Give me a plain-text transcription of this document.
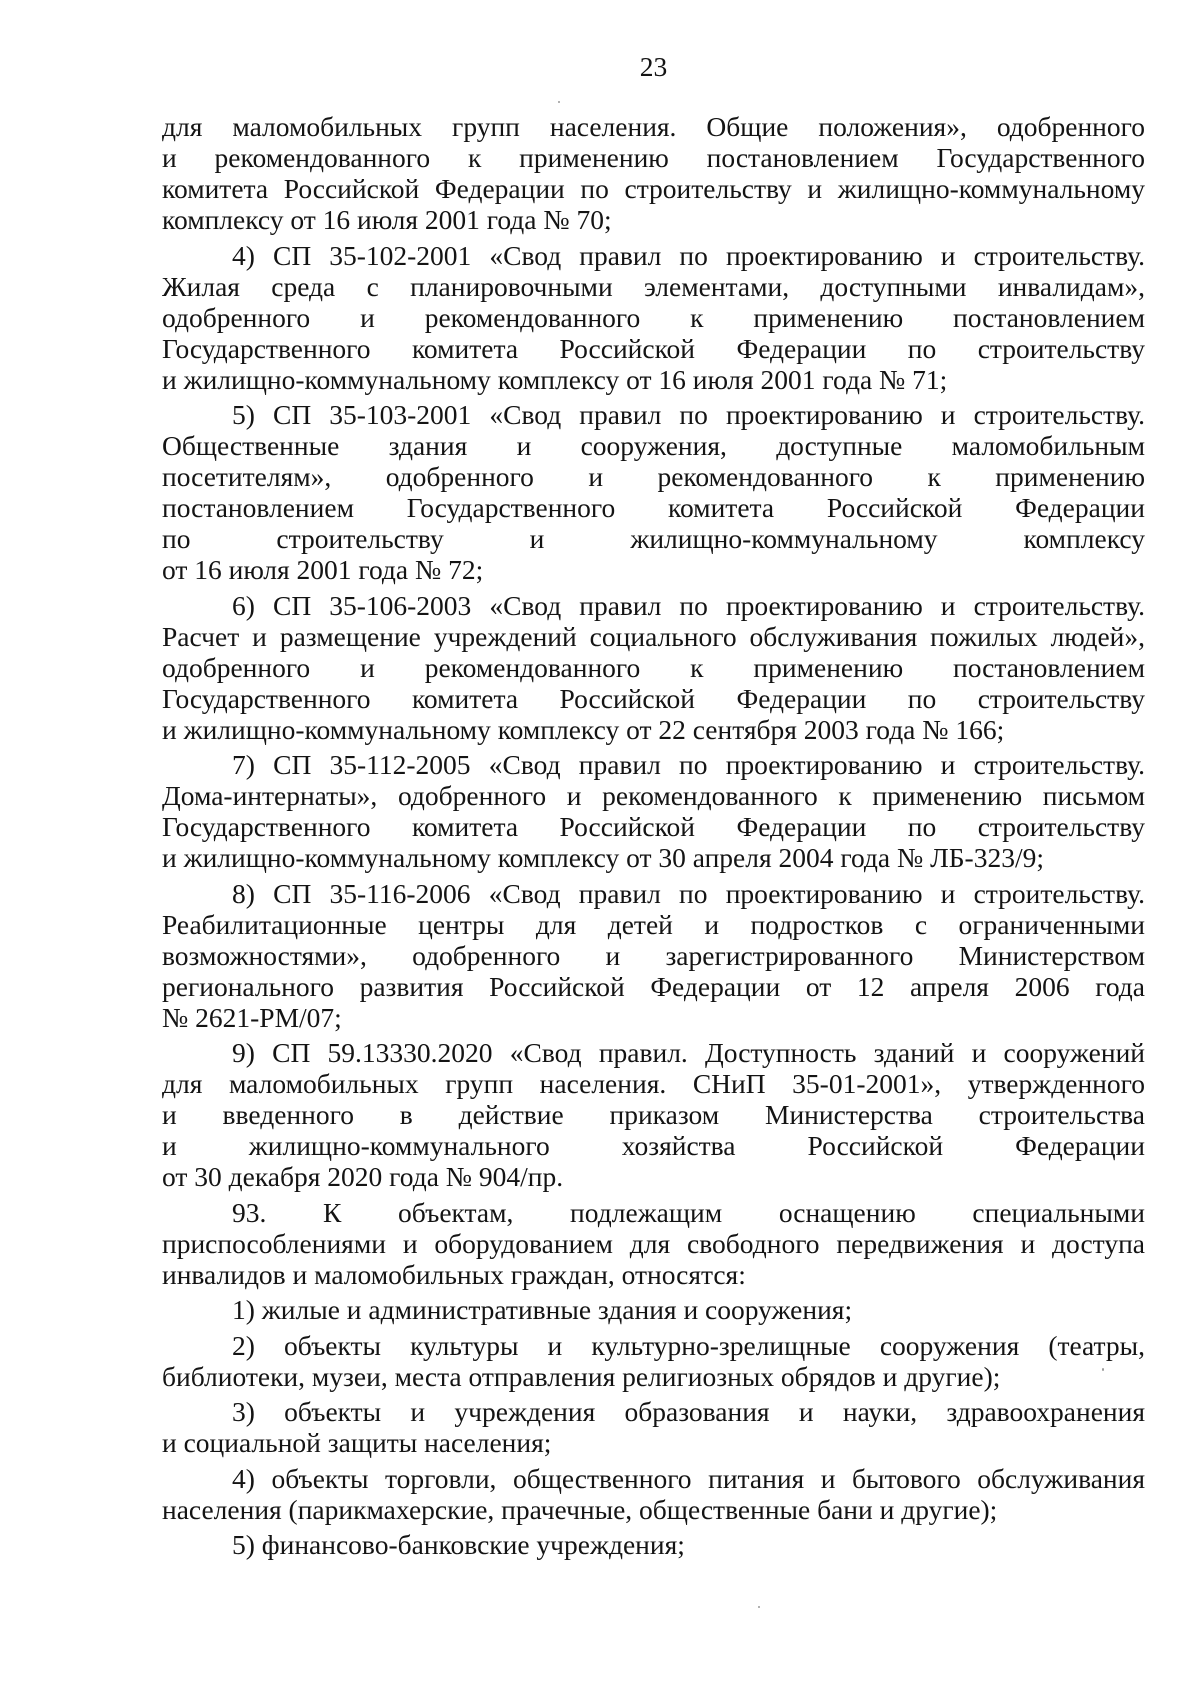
23
для маломобильных групп населения. Общие положения», одобренного
и рекомендованного к применению постановлением Государственного
комитета Российской Федерации по строительству и жилищно-коммунальному
комплексу от 16 июля 2001 года № 70;
4) СП 35-102-2001 «Свод правил по проектированию и строительству.
Жилая среда с планировочными элементами, доступными инвалидам»,
одобренного и рекомендованного к применению постановлением
Государственного комитета Российской Федерации по строительству
и жилищно-коммунальному комплексу от 16 июля 2001 года № 71;
5) СП 35-103-2001 «Свод правил по проектированию и строительству.
Общественные здания и сооружения, доступные маломобильным
посетителям», одобренного и рекомендованного к применению
постановлением Государственного комитета Российской Федерации
по строительству и жилищно-коммунальному комплексу
от 16 июля 2001 года № 72;
6) СП 35-106-2003 «Свод правил по проектированию и строительству.
Расчет и размещение учреждений социального обслуживания пожилых людей»,
одобренного и рекомендованного к применению постановлением
Государственного комитета Российской Федерации по строительству
и жилищно-коммунальному комплексу от 22 сентября 2003 года № 166;
7) СП 35-112-2005 «Свод правил по проектированию и строительству.
Дома-интернаты», одобренного и рекомендованного к применению письмом
Государственного комитета Российской Федерации по строительству
и жилищно-коммунальному комплексу от 30 апреля 2004 года № ЛБ-323/9;
8) СП 35-116-2006 «Свод правил по проектированию и строительству.
Реабилитационные центры для детей и подростков с ограниченными
возможностями», одобренного и зарегистрированного Министерством
регионального развития Российской Федерации от 12 апреля 2006 года
№ 2621-РМ/07;
9) СП 59.13330.2020 «Свод правил. Доступность зданий и сооружений
для маломобильных групп населения. СНиП 35-01-2001», утвержденного
и введенного в действие приказом Министерства строительства
и жилищно-коммунального хозяйства Российской Федерации
от 30 декабря 2020 года № 904/пр.
93. К объектам, подлежащим оснащению специальными
приспособлениями и оборудованием для свободного передвижения и доступа
инвалидов и маломобильных граждан, относятся:
1) жилые и административные здания и сооружения;
2) объекты культуры и культурно-зрелищные сооружения (театры,
библиотеки, музеи, места отправления религиозных обрядов и другие);
3) объекты и учреждения образования и науки, здравоохранения
и социальной защиты населения;
4) объекты торговли, общественного питания и бытового обслуживания
населения (парикмахерские, прачечные, общественные бани и другие);
5) финансово-банковские учреждения;
